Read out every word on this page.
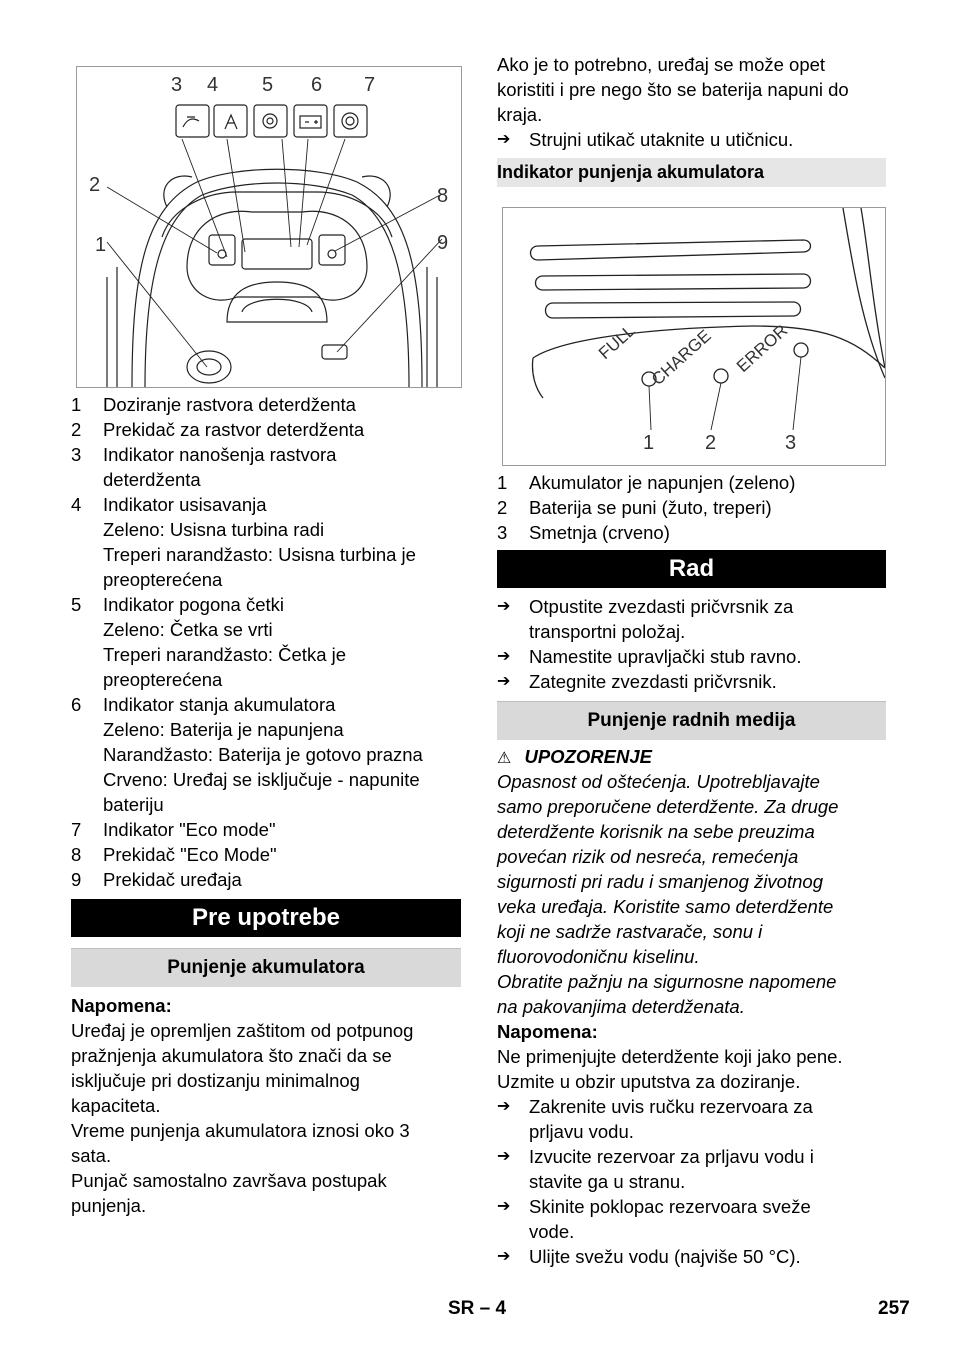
3 4 5 6 7
2	8
1	9
1 Doziranje rastvora deterdženta
2 Prekidač za rastvor deterdženta
3 Indikator nanošenja rastvora
deterdženta
4 Indikator usisavanja
Zeleno: Usisna turbina radi
Treperi narandžasto: Usisna turbina je
preopterećena
5 Indikator pogona četki
Zeleno: Četka se vrti
Treperi narandžasto: Četka je
preopterećena
6 Indikator stanja akumulatora
Zeleno: Baterija je napunjena
Narandžasto: Baterija je gotovo prazna
Crveno: Uređaj se isključuje - napunite
bateriju
7 Indikator "Eco mode"
8 Prekidač "Eco Mode"
9 Prekidač uređaja
Pre upotrebe
Punjenje akumulatora
Napomena:
Uređaj je opremljen zaštitom od potpunog
pražnjenja akumulatora što znači da se
isključuje pri dostizanju minimalnog
kapaciteta.
Vreme punjenja akumulatora iznosi oko 3
sata.
Punjač samostalno završava postupak
punjenja.
Ako je to potrebno, uređaj se može opet
koristiti i pre nego što se baterija napuni do
kraja.
➔ Strujni utikač utaknite u utičnicu.
Indikator punjenja akumulatora
FULL CHARGE ERROR
1	2	3
1 Akumulator je napunjen (zeleno)
2 Baterija se puni (žuto, treperi)
3 Smetnja (crveno)
Rad
➔ Otpustite zvezdasti pričvrsnik za
transportni položaj.
➔ Namestite upravljački stub ravno.
➔ Zategnite zvezdasti pričvrsnik.
Punjenje radnih medija
⚠ UPOZORENJE
Opasnost od oštećenja. Upotrebljavajte
samo preporučene deterdžente. Za druge
deterdžente korisnik na sebe preuzima
povećan rizik od nesreća, remećenja
sigurnosti pri radu i smanjenog životnog
veka uređaja. Koristite samo deterdžente
koji ne sadrže rastvarače, sonu i
fluorovodoničnu kiselinu.
Obratite pažnju na sigurnosne napomene
na pakovanjima deterdženata.
Napomena:
Ne primenjujte deterdžente koji jako pene.
Uzmite u obzir uputstva za doziranje.
➔ Zakrenite uvis ručku rezervoara za
prljavu vodu.
➔ Izvucite rezervoar za prljavu vodu i
stavite ga u stranu.
➔ Skinite poklopac rezervoara sveže
vode.
➔ Ulijte svežu vodu (najviše 50 °C).
SR – 4	257
